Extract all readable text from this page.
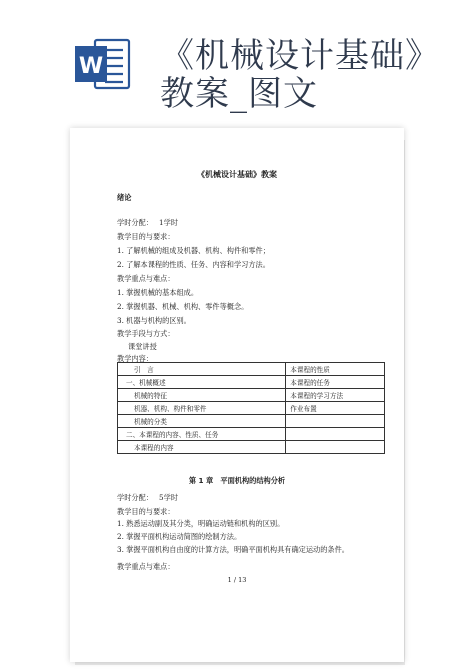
W 《机械设计基础》
教案_图文
《机械设计基础》教案
绪论
学时分配： 1学时
教学目的与要求：
1. 了解机械的组成及机器、机构、构件和零件；
2. 了解本课程的性质、任务、内容和学习方法。
教学重点与难点：
1. 掌握机械的基本组成。
2. 掌握机器、机械、机构、零件等概念。
3. 机器与机构的区别。
教学手段与方式：
课堂讲授
教学内容：
引　言	本课程的性质
一、机械概述	本课程的任务
机械的特征	本课程的学习方法
机器、机构、构件和零件	作业布置
机械的分类	
二、本课程的内容、性质、任务	
本课程的内容	
第 1 章　平面机构的结构分析
学时分配： 5学时
教学目的与要求：
1. 熟悉运动副及其分类，明确运动链和机构的区别。
2. 掌握平面机构运动简图的绘制方法。
3. 掌握平面机构自由度的计算方法，明确平面机构具有确定运动的条件。
教学重点与难点：
1 / 13
